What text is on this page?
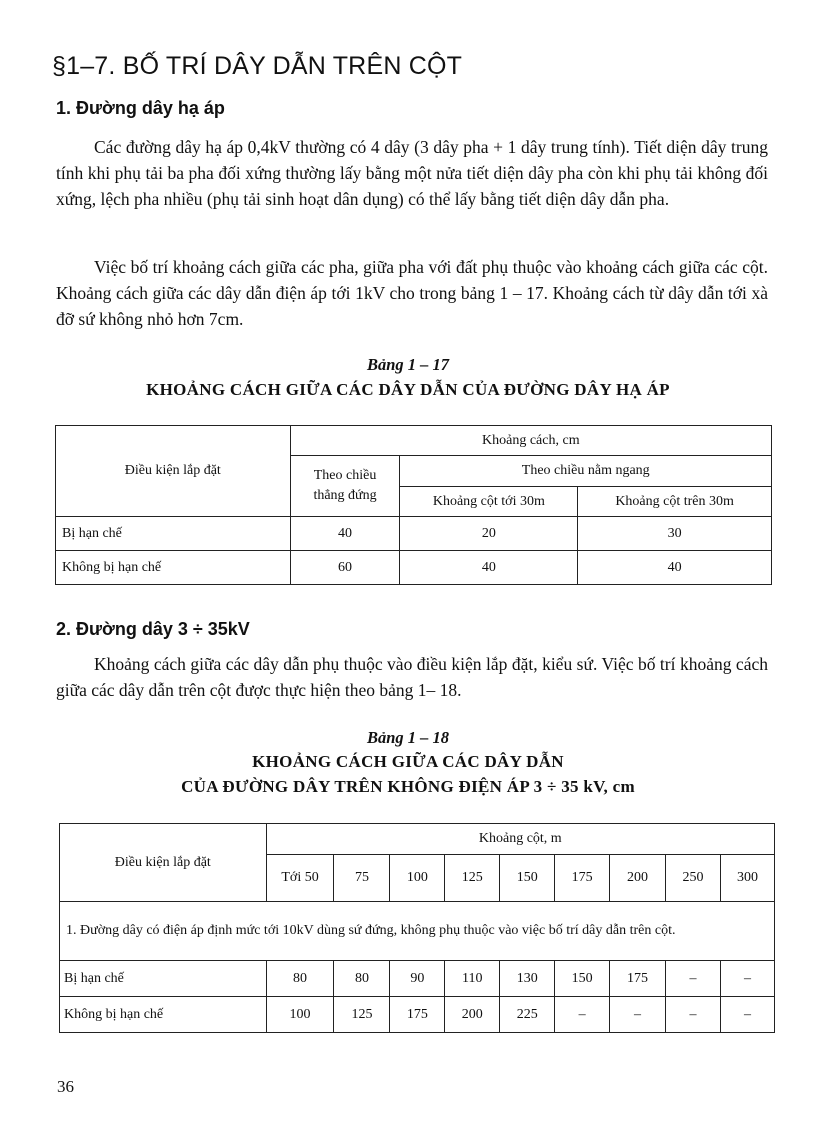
§1–7. BỐ TRÍ DÂY DẪN TRÊN CỘT
1. Đường dây hạ áp

Các đường dây hạ áp 0,4kV thường có 4 dây (3 dây pha + 1 dây trung tính). Tiết diện dây trung tính khi phụ tải ba pha đối xứng thường lấy bằng một nửa tiết diện dây pha còn khi phụ tải không đối xứng, lệch pha nhiều (phụ tải sinh hoạt dân dụng) có thể lấy bằng tiết diện dây dẫn pha.

Việc bố trí khoảng cách giữa các pha, giữa pha với đất phụ thuộc vào khoảng cách giữa các cột. Khoảng cách giữa các dây dẫn điện áp tới 1kV cho trong bảng 1 – 17. Khoảng cách từ dây dẫn tới xà đỡ sứ không nhỏ hơn 7cm.

Bảng 1 – 17

KHOẢNG CÁCH GIỮA CÁC DÂY DẪN CỦA ĐƯỜNG DÂY HẠ ÁP

Điều kiện lắp đặt	Khoảng cách, cm		
	Theo chiều thẳng đứng	Theo chiều nằm ngang	
		Khoảng cột tới 30m	Khoảng cột trên 30m
Bị hạn chế	40	20	30
Không bị hạn chế	60	40	40
2. Đường dây 3 ÷ 35kV

Khoảng cách giữa các dây dẫn phụ thuộc vào điều kiện lắp đặt, kiểu sứ. Việc bố trí khoảng cách giữa các dây dẫn trên cột được thực hiện theo bảng 1– 18.

Bảng 1 – 18

KHOẢNG CÁCH GIỮA CÁC DÂY DẪN

CỦA ĐƯỜNG DÂY TRÊN KHÔNG ĐIỆN ÁP 3 ÷ 35 kV, cm

Điều kiện lắp đặt	Khoảng cột, m								
	Tới 50	75	100	125	150	175	200	250	300
1. Đường dây có điện áp định mức tới 10kV dùng sứ đứng, không phụ thuộc vào việc bố trí dây dẫn trên cột.									
Bị hạn chế	80	80	90	110	130	150	175	–	–
Không bị hạn chế	100	125	175	200	225	–	–	–	–

36
